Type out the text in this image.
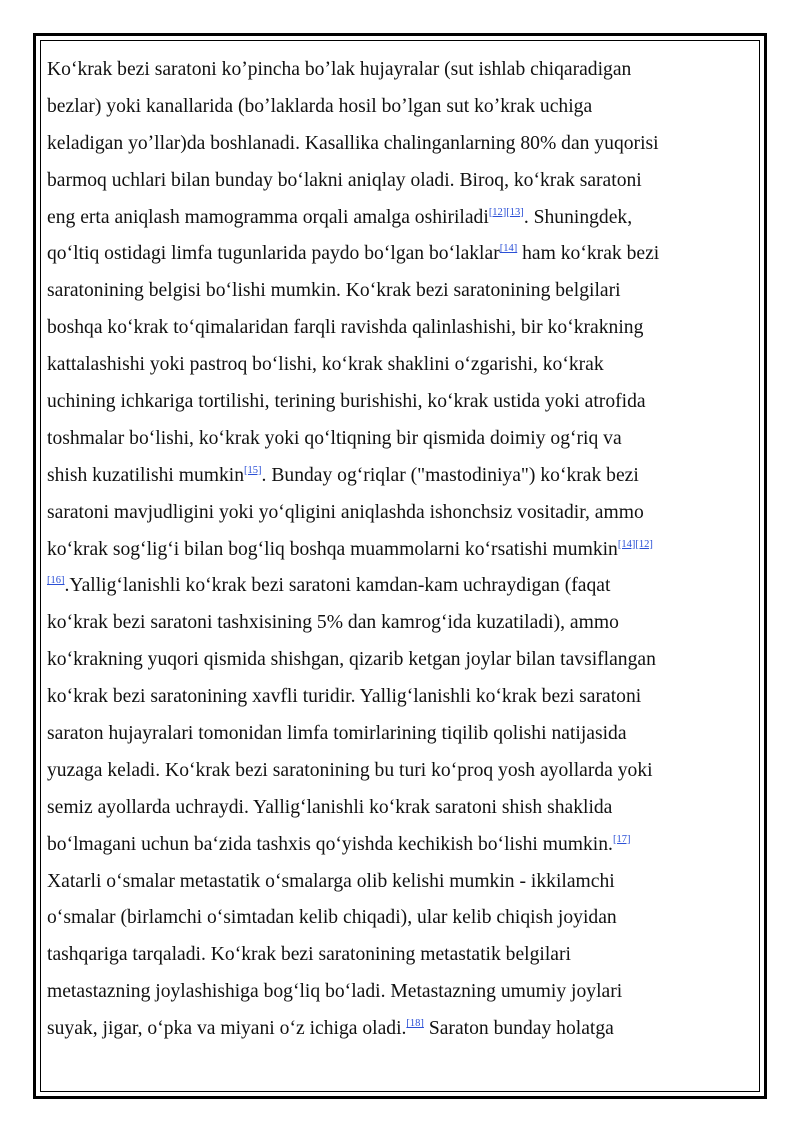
Koʻkrak bezi saratoni koʼpincha boʼlak hujayralar (sut ishlab chiqaradigan
bezlar) yoki kanallarida (boʼlaklarda hosil boʼlgan sut koʼkrak uchiga
keladigan yoʼllar)da boshlanadi. Kasallika chalinganlarning 80% dan yuqorisi
barmoq uchlari bilan bunday boʻlakni aniqlay oladi. Biroq, koʻkrak saratoni
eng erta aniqlash mamogramma orqali amalga oshiriladi[12][13]. Shuningdek,
qoʻltiq ostidagi limfa tugunlarida paydo boʻlgan boʻlaklar[14] ham koʻkrak bezi
saratonining belgisi boʻlishi mumkin. Koʻkrak bezi saratonining belgilari
boshqa koʻkrak toʻqimalaridan farqli ravishda qalinlashishi, bir koʻkrakning
kattalashishi yoki pastroq boʻlishi, koʻkrak shaklini oʻzgarishi, koʻkrak
uchining ichkariga tortilishi, terining burishishi, koʻkrak ustida yoki atrofida
toshmalar boʻlishi, koʻkrak yoki qoʻltiqning bir qismida doimiy ogʻriq va
shish kuzatilishi mumkin[15]. Bunday ogʻriqlar ("mastodiniya") koʻkrak bezi
saratoni mavjudligini yoki yoʻqligini aniqlashda ishonchsiz vositadir, ammo
koʻkrak sogʻligʻi bilan bogʻliq boshqa muammolarni koʻrsatishi mumkin[14][12]
[16].Yalligʻlanishli koʻkrak bezi saratoni kamdan-kam uchraydigan (faqat
koʻkrak bezi saratoni tashxisining 5% dan kamrogʻida kuzatiladi), ammo
koʻkrakning yuqori qismida shishgan, qizarib ketgan joylar bilan tavsiflangan
koʻkrak bezi saratonining xavfli turidir. Yalligʻlanishli koʻkrak bezi saratoni
saraton hujayralari tomonidan limfa tomirlarining tiqilib qolishi natijasida
yuzaga keladi. Koʻkrak bezi saratonining bu turi koʻproq yosh ayollarda yoki
semiz ayollarda uchraydi. Yalligʻlanishli koʻkrak saratoni shish shaklida
boʻlmagani uchun baʻzida tashxis qoʻyishda kechikish boʻlishi mumkin.[17]
Xatarli oʻsmalar metastatik oʻsmalarga olib kelishi mumkin - ikkilamchi
oʻsmalar (birlamchi oʻsimtadan kelib chiqadi), ular kelib chiqish joyidan
tashqariga tarqaladi. Koʻkrak bezi saratonining metastatik belgilari
metastazning joylashishiga bogʻliq boʻladi. Metastazning umumiy joylari
suyak, jigar, oʻpka va miyani oʻz ichiga oladi.[18] Saraton bunday holatga
